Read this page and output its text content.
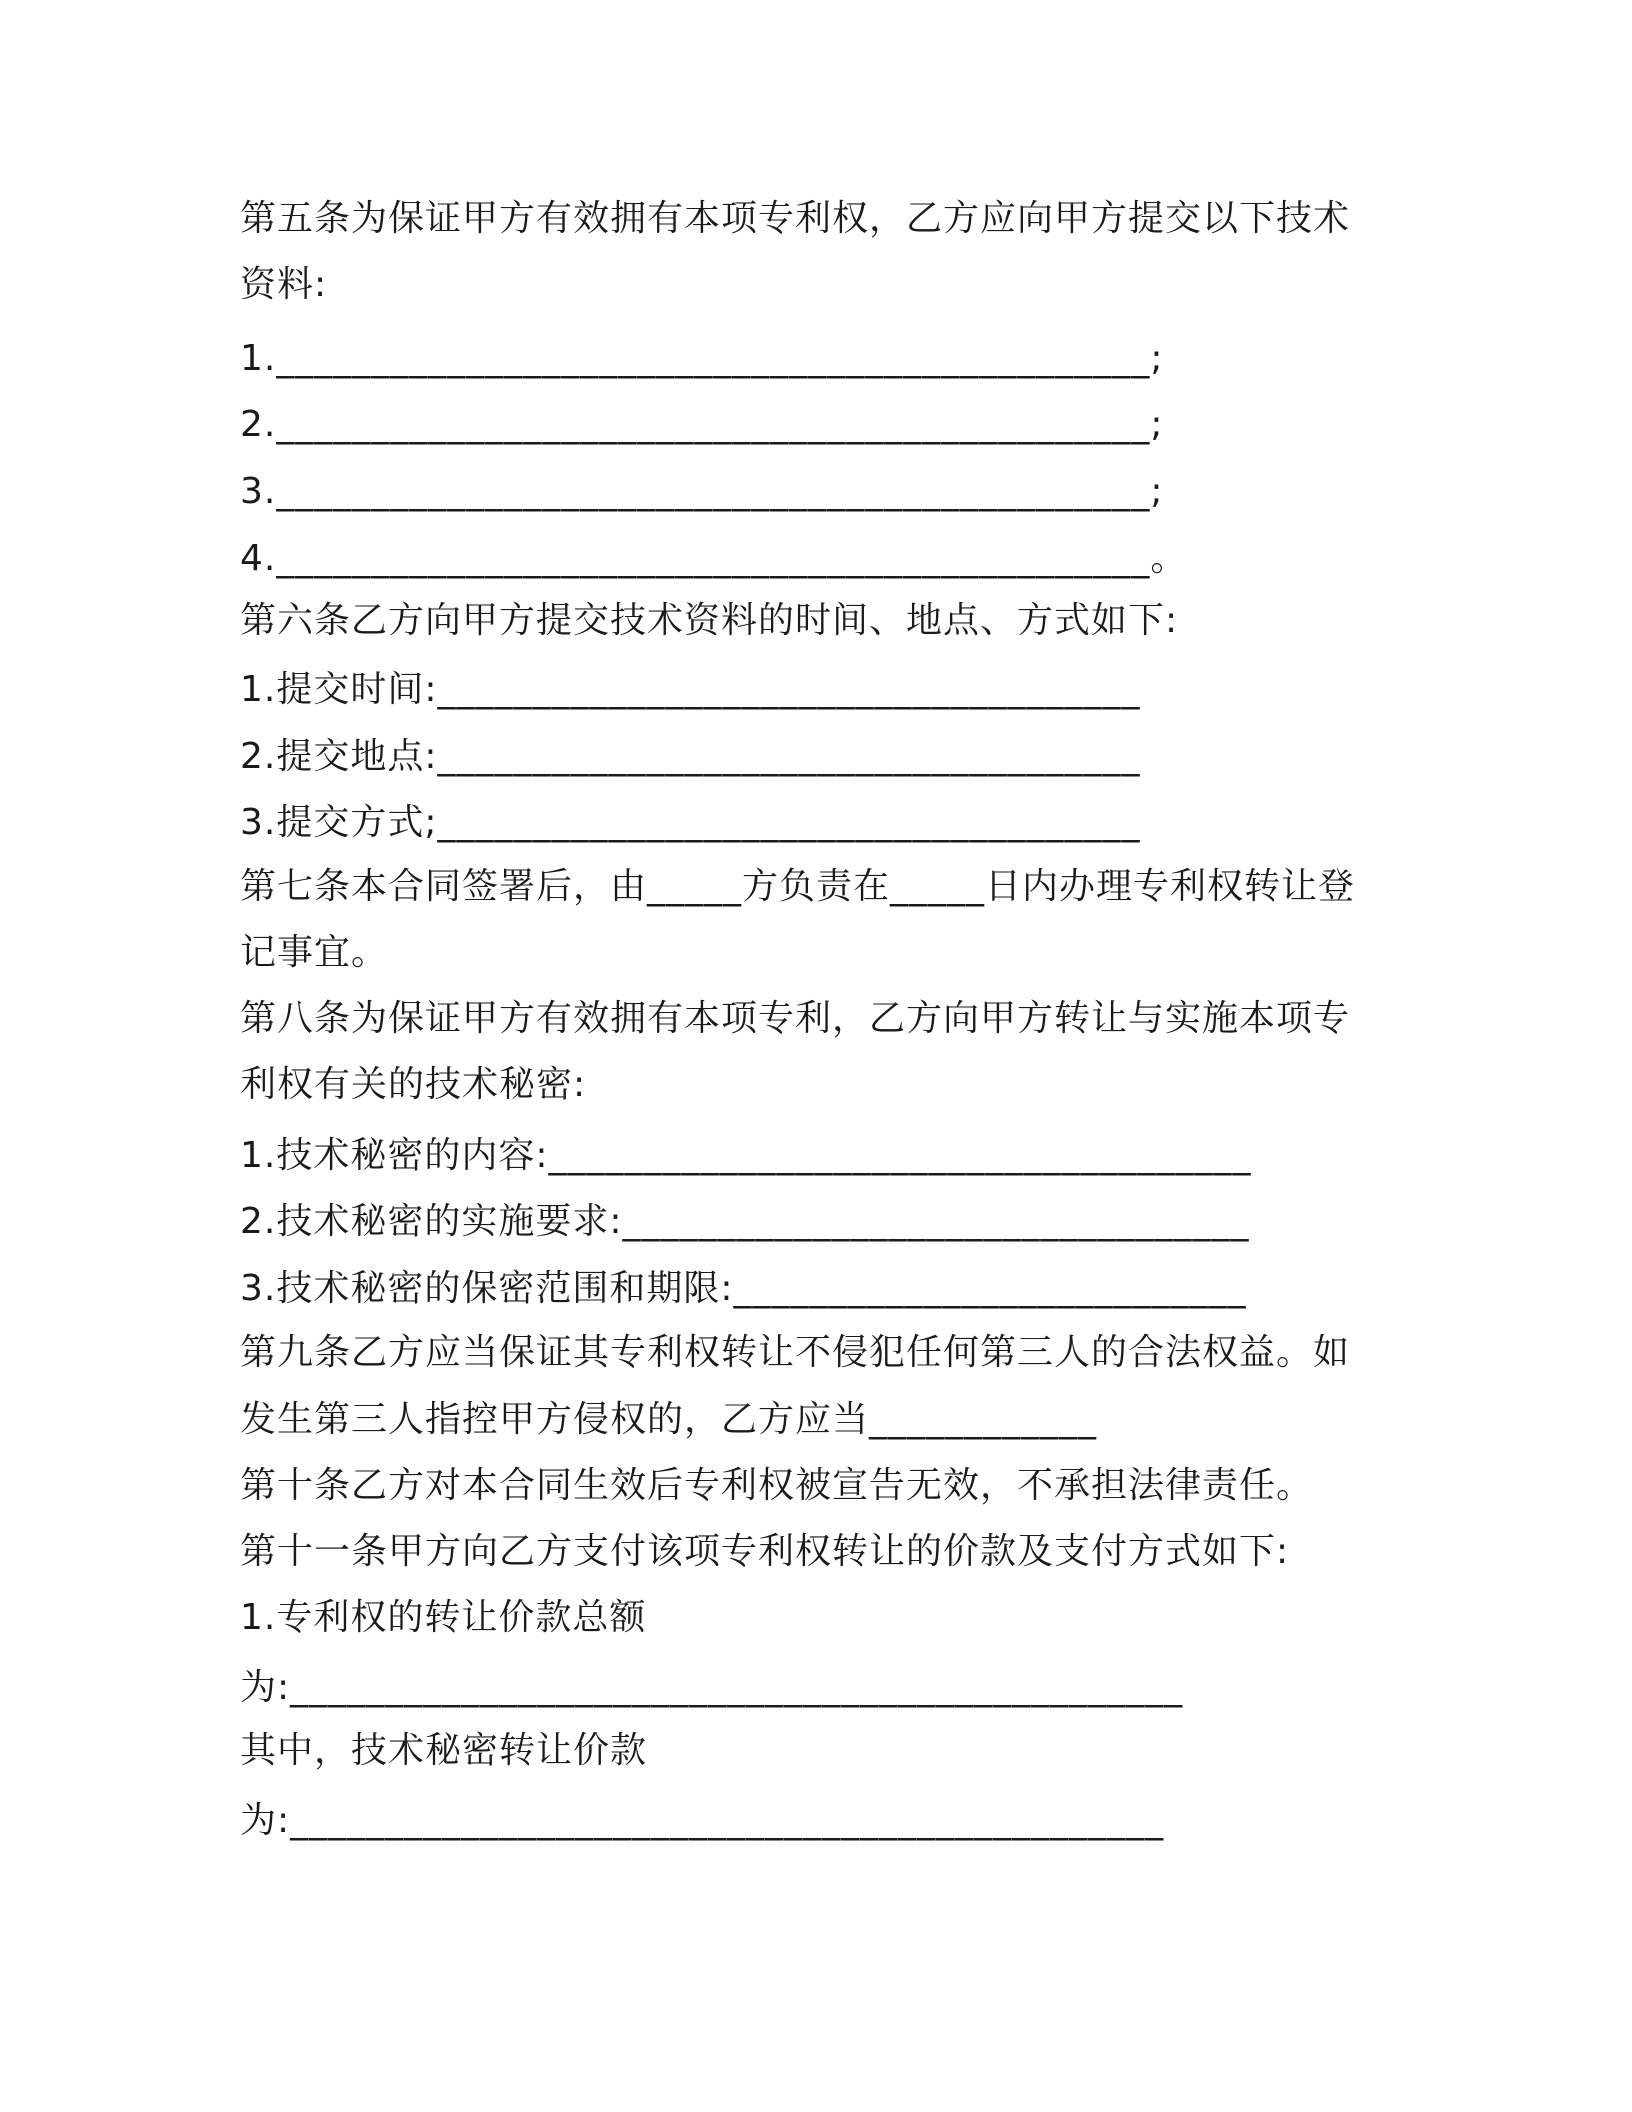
第五条为保证甲方有效拥有本项专利权，乙方应向甲方提交以下技术
资料:
1.______________________________________________;
2.______________________________________________;
3.______________________________________________;
4.______________________________________________。
第六条乙方向甲方提交技术资料的时间、地点、方式如下:
1.提交时间:_____________________________________
2.提交地点:_____________________________________
3.提交方式;_____________________________________
第七条本合同签署后，由_____方负责在_____日内办理专利权转让登
记事宜。
第八条为保证甲方有效拥有本项专利，乙方向甲方转让与实施本项专
利权有关的技术秘密:
1.技术秘密的内容:_____________________________________
2.技术秘密的实施要求:_________________________________
3.技术秘密的保密范围和期限:___________________________
第九条乙方应当保证其专利权转让不侵犯任何第三人的合法权益。如
发生第三人指控甲方侵权的，乙方应当____________
第十条乙方对本合同生效后专利权被宣告无效，不承担法律责任。
第十一条甲方向乙方支付该项专利权转让的价款及支付方式如下:
1.专利权的转让价款总额
为:_______________________________________________
其中，技术秘密转让价款
为:______________________________________________
